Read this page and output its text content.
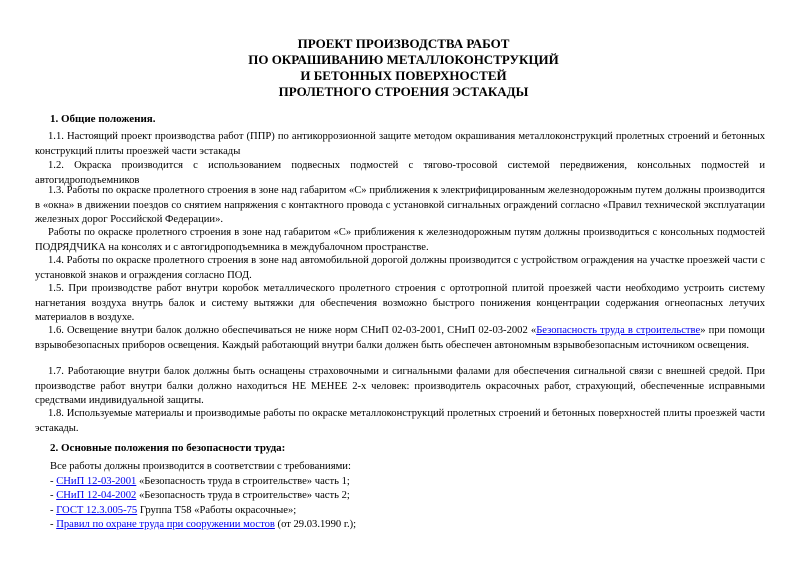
ПРОЕКТ ПРОИЗВОДСТВА РАБОТ
ПО ОКРАШИВАНИЮ МЕТАЛЛОКОНСТРУКЦИЙ
И БЕТОННЫХ ПОВЕРХНОСТЕЙ
ПРОЛЕТНОГО СТРОЕНИЯ ЭСТАКАДЫ
1. Общие положения.
1.1. Настоящий проект производства работ (ППР) по антикоррозионной защите методом окрашивания металлоконструкций пролетных строений и бетонных конструкций плиты проезжей части эстакады
1.2. Окраска производится с использованием подвесных подмостей с тягово-тросовой системой передвижения, консольных подмостей и автогидроподъемников
1.3. Работы по окраске пролетного строения в зоне над габаритом «С» приближения к электрифицированным железнодорожным путем должны производится в «окна» в движении поездов со снятием напряжения с контактного провода с установкой сигнальных ограждений согласно «Правил технической эксплуатации железных дорог Российской Федерации».
Работы по окраске пролетного строения в зоне над габаритом «С» приближения к железнодорожным путям должны производиться с консольных подмостей ПОДРЯДЧИКА на консолях и с автогидроподъемника в междубалочном пространстве.
1.4. Работы по окраске пролетного строения в зоне над автомобильной дорогой должны производится с устройством ограждения на участке проезжей части с установкой знаков и ограждения согласно ПОД.
1.5. При производстве работ внутри коробок металлического пролетного строения с ортотропной плитой проезжей части необходимо устроить систему нагнетания воздуха внутрь балок и систему вытяжки для обеспечения возможно быстрого понижения концентрации содержания огнеопасных летучих материалов в воздухе.
1.6. Освещение внутри балок должно обеспечиваться не ниже норм СНиП 02-03-2001, СНиП 02-03-2002 «Безопасность труда в строительстве» при помощи взрывобезопасных приборов освещения. Каждый работающий внутри балки должен быть обеспечен автономным взрывобезопасным источником освещения.
1.7. Работающие внутри балок должны быть оснащены страховочными и сигнальными фалами для обеспечения сигнальной связи с внешней средой. При производстве работ внутри балки должно находиться НЕ МЕНЕЕ 2-х человек: производитель окрасочных работ, страхующий, обеспеченные исправными средствами индивидуальной защиты.
1.8. Используемые материалы и производимые работы по окраске металлоконструкций пролетных строений и бетонных поверхностей плиты проезжей части эстакады.
2. Основные положения по безопасности труда:
Все работы должны производится в соответствии с требованиями:
- СНиП 12-03-2001 «Безопасность труда в строительстве» часть 1;
- СНиП 12-04-2002 «Безопасность труда в строительстве» часть 2;
- ГОСТ 12.3.005-75 Группа Т58 «Работы окрасочные»;
- Правил по охране труда при сооружении мостов (от 29.03.1990 г.);
